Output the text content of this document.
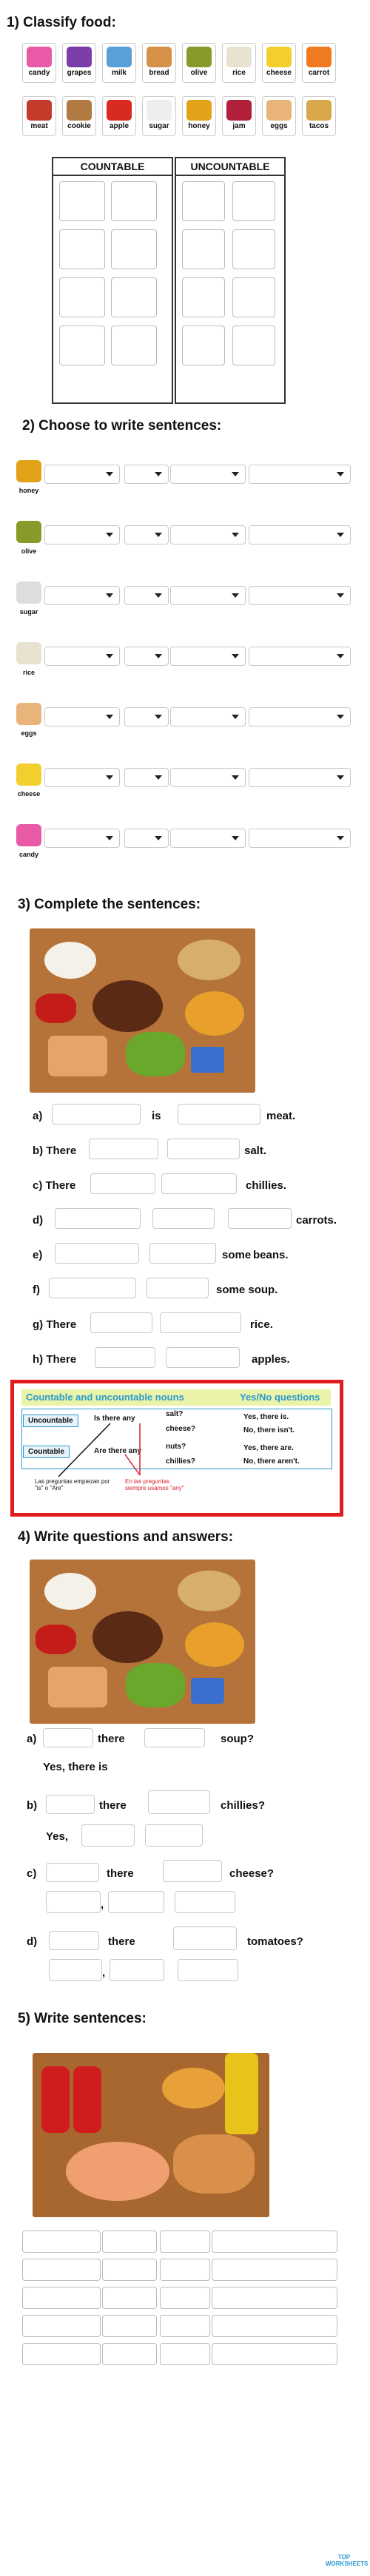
1) Classify food:
candy	grapes	milk	bread	olive	rice	cheese	carrot
meat	cookie	apple	sugar	honey	jam	eggs	tacos
COUNTABLE	UNCOUNTABLE
2) Choose to write sentences:
honey
olive
sugar
rice
eggs
cheese
candy
3) Complete the sentences:
a)	is	meat.
b) There	salt.
c) There	chillies.
d)	carrots.
e)	some beans.
f)	some soup.
g) There	rice.
h) There	apples.
Countable and uncountable nouns	Yes/No questions
Uncountable
Countable
Is there any
Are there any
salt?
cheese?
nuts?
chillies?
Yes, there is.
No, there isn't.
Yes, there are.
No, there aren't.
Las preguntas empiezan por "is" o "Are"
En las preguntas siempre usamos "any"
4) Write questions and answers:
a)	there	soup?
Yes, there is
b)	there	chillies?
Yes,
c)	there	cheese?
,
d)	there	tomatoes?
,
5) Write sentences:
TOP
WORKSHEETS
